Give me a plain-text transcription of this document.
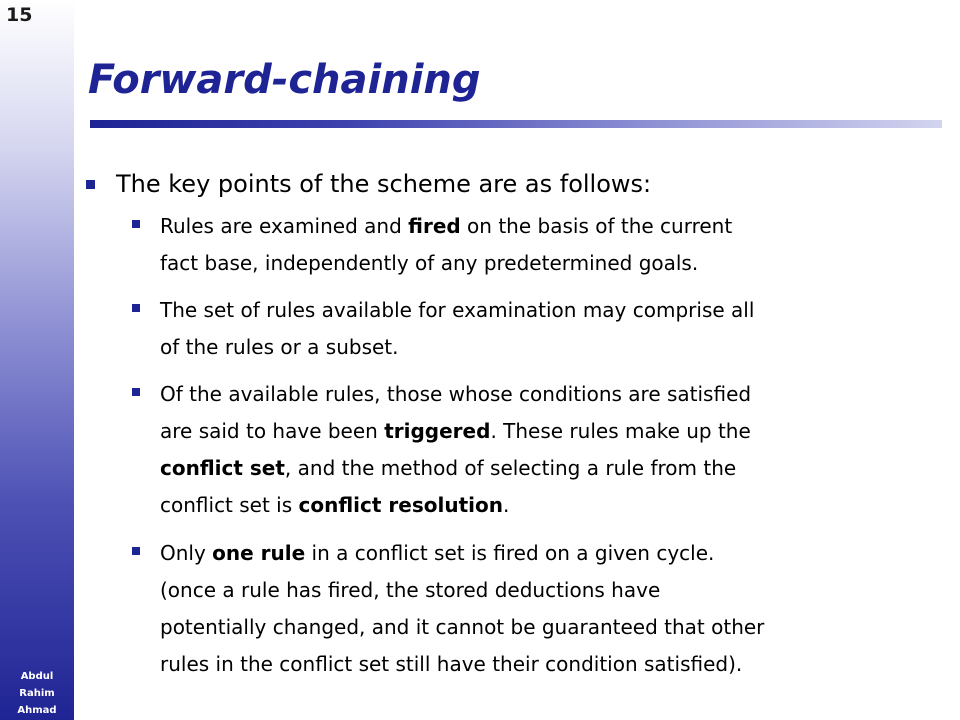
15
Abdul
Rahim
Ahmad
Forward-chaining
The key points of the scheme are as follows:
Rules are examined and fired on the basis of the current
fact base, independently of any predetermined goals.
The set of rules available for examination may comprise all
of the rules or a subset.
Of the available rules, those whose conditions are satisfied
are said to have been triggered. These rules make up the
conflict set, and the method of selecting a rule from the
conflict set is conflict resolution.
Only one rule in a conflict set is fired on a given cycle.
(once a rule has fired, the stored deductions have
potentially changed, and it cannot be guaranteed that other
rules in the conflict set still have their condition satisfied).
